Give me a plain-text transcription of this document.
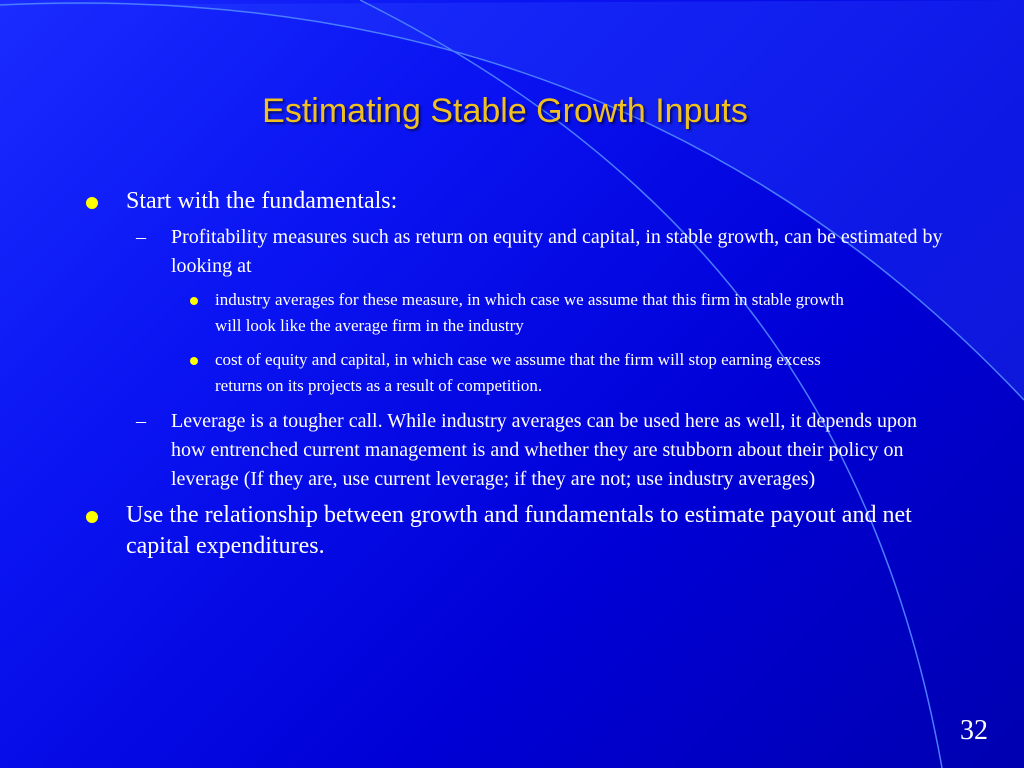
Estimating Stable Growth Inputs
Start with the fundamentals:
– Profitability measures such as return on equity and capital, in stable growth, can be estimated by looking at
industry averages for these measure, in which case we assume that this firm in stable growth will look like the average firm in the industry
cost of equity and capital, in which case we assume that the firm will stop earning excess returns on its projects as a result of competition.
– Leverage is a tougher call. While industry averages can be used here as well, it depends upon how entrenched current management is and whether they are stubborn about their policy on leverage (If they are, use current leverage; if they are not; use industry averages)
Use the relationship between growth and fundamentals to estimate payout and net capital expenditures.
32
